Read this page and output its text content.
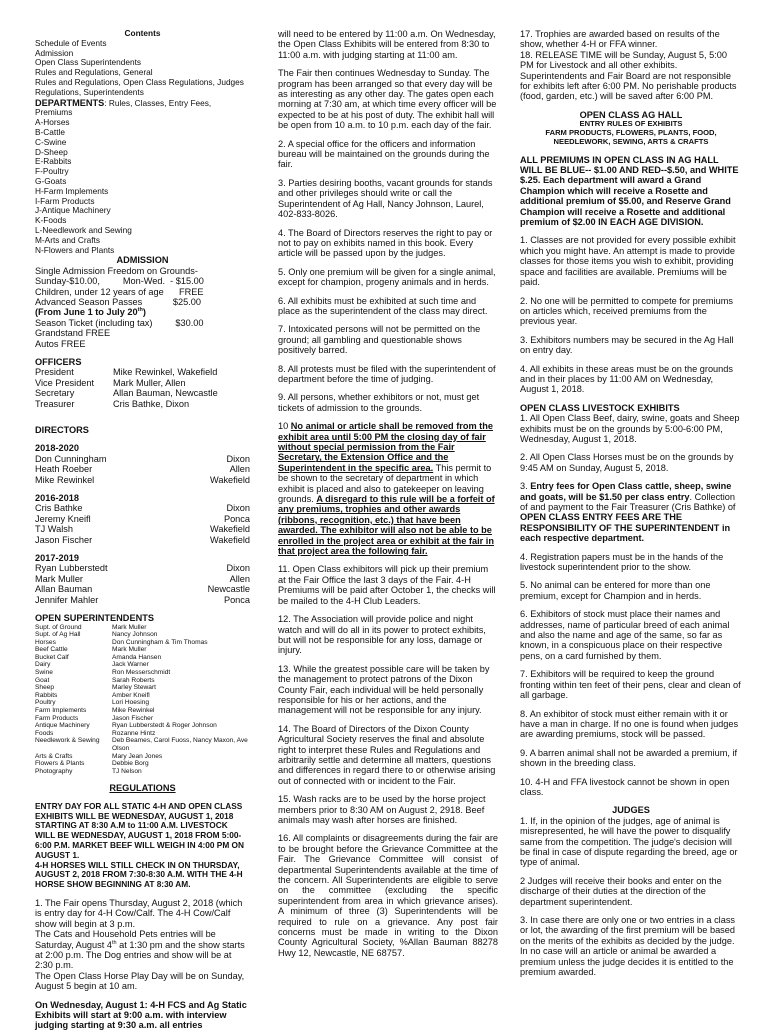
Contents
Schedule of Events
Admission
Open Class Superintendents
Rules and Regulations, General
Rules and Regulations, Open Class Regulations, Judges
Regulations, Superintendents
DEPARTMENTS: Rules, Classes, Entry Fees, Premiums
A-Horses
B-Cattle
C-Swine
D-Sheep
E-Rabbits
F-Poultry
G-Goats
H-Farm Implements
I-Farm Products
J-Antique Machinery
K-Foods
L-Needlework and Sewing
M-Arts and Crafts
N-Flowers and Plants
ADMISSION
Single Admission Freedom on Grounds-
Sunday-$10.00,         Mon-Wed.  - $15.00
Children, under 12 years of age      FREE
Advanced Season Passes            $25.00
(From June 1 to July 20th)
Season Ticket (including tax)         $30.00
Grandstand FREE
Autos FREE
OFFICERS
President	Mike Rewinkel, Wakefield
Vice President	Mark Muller, Allen
Secretary	Allan Bauman, Newcastle
Treasurer	Cris Bathke, Dixon
DIRECTORS
2018-2020
Don Cunningham	Dixon
Heath Roeber	Allen
Mike Rewinkel	Wakefield
2016-2018
Cris Bathke	Dixon
Jeremy Kneifl	Ponca
TJ Walsh	Wakefield
Jason Fischer	Wakefield
2017-2019
Ryan Lubberstedt	Dixon
Mark Muller	Allen
Allan Bauman	Newcastle
Jennifer Mahler	Ponca
OPEN SUPERINTENDENTS
Supt. of Ground	Mark Muller
Supt. of Ag Hall	Nancy Johnson
Horses	Don Cunningham & Tim Thomas
Beef Cattle	Mark Muller
Bucket Calf	Amanda Hansen
Dairy	Jack Warner
Swine	Ron Messerschmidt
Goat	Sarah Roberts
Sheep	Marley Stewart
Rabbits	Amber Kneifl
Poultry	Lori Hoesing
Farm Implements	Mike Rewinkel
Farm Products	Jason Fischer
Antique Machinery	Ryan Lubberstedt & Roger Johnson
Foods	Rozanne Hintz
Needlework & Sewing	Deb Beames, Carol Fuoss, Nancy Maxon, Ave Olson
Arts & Crafts	Mary Jean Jones
Flowers & Plants	Debbie Borg
Photography	TJ Nelson
REGULATIONS

ENTRY DAY FOR ALL STATIC 4-H AND OPEN CLASS EXHIBITS WILL BE WEDNESDAY, AUGUST 1, 2018 STARTING AT 8:30 A.M to 11:00 A.M. LIVESTOCK WILL BE WEDNESDAY, AUGUST 1, 2018 FROM 5:00-6:00 P.M. MARKET BEEF WILL WEIGH IN 4:00 PM ON AUGUST 1.

4-H HORSES WILL STILL CHECK IN ON THURSDAY, AUGUST 2, 2018 FROM 7:30-8:30 A.M. WITH THE 4-H HORSE SHOW BEGINNING AT 8:30 AM.

1. The Fair opens Thursday, August 2, 2018 (which is entry day for 4-H Cow/Calf. The 4-H Cow/Calf show will begin at 3 p.m.

The Cats and Household Pets entries will be Saturday, August 4th at 1:30 pm and the show starts at 2:00 p.m. The Dog entries and show will be at 2:30 p.m.

The Open Class Horse Play Day will be on Sunday, August 5 begin at 10 am.

On Wednesday, August 1: 4-H FCS and Ag Static Exhibits will start at 9:00 a.m. with interview judging starting at 9:30 a.m. all entries

will need to be entered by 11:00 a.m. On Wednesday, the Open Class Exhibits will be entered from 8:30 to 11:00 a.m. with judging starting at 11:00 am.

The Fair then continues Wednesday to Sunday. The program has been arranged so that every day will be as interesting as any other day. The gates open each morning at 7:30 am, at which time every officer will be expected to be at his post of duty. The exhibit hall will be open from 10 a.m. to 10 p.m. each day of the fair.

2. A special office for the officers and information bureau will be maintained on the grounds during the fair.

3. Parties desiring booths, vacant grounds for stands and other privileges should write or call the Superintendent of Ag Hall, Nancy Johnson, Laurel, 402-833-8026.

4. The Board of Directors reserves the right to pay or not to pay on exhibits named in this book. Every article will be passed upon by the judges.

5. Only one premium will be given for a single animal, except for champion, progeny animals and in herds.

6. All exhibits must be exhibited at such time and place as the superintendent of the class may direct.

7. Intoxicated persons will not be permitted on the ground; all gambling and questionable shows positively barred.

8. All protests must be filed with the superintendent of department before the time of judging.

9. All persons, whether exhibitors or not, must get tickets of admission to the grounds.

10 No animal or article shall be removed from the exhibit area until 5:00 PM the closing day of fair without special permission from the Fair Secretary, the Extension Office and the Superintendent in the specific area. This permit to be shown to the secretary of department in which exhibit is placed and also to gatekeeper on leaving grounds. A disregard to this rule will be a forfeit of any premiums, trophies and other awards (ribbons, recognition, etc.) that have been awarded. The exhibitor will also not be able to be enrolled in the project area or exhibit at the fair in that project area the following fair.

11. Open Class exhibitors will pick up their premium at the Fair Office the last 3 days of the Fair. 4-H Premiums will be paid after October 1, the checks will be mailed to the 4-H Club Leaders.

12. The Association will provide police and night watch and will do all in its power to protect exhibits, but will not be responsible for any loss, damage or injury.

13. While the greatest possible care will be taken by the management to protect patrons of the Dixon County Fair, each individual will be held personally responsible for his or her actions, and the management will not be responsible for any injury.

14. The Board of Directors of the Dixon County Agricultural Society reserves the final and absolute right to interpret these Rules and Regulations and arbitrarily settle and determine all matters, questions and differences in regard there to or otherwise arising out of connected with or incident to the Fair.

15. Wash racks are to be used by the horse project members prior to 8:30 AM on August 2, 2918. Beef animals may wash after horses are finished.

16. All complaints or disagreements during the fair are to be brought before the Grievance Committee at the Fair. The Grievance Committee will consist of departmental Superintendents available at the time of the concern. All Superintendents are eligible to serve on the committee (excluding the specific superintendent from area in which grievance arises). A minimum of three (3) Superintendents will be required to rule on a grievance. Any post fair concerns must be made in writing to the Dixon County Agricultural Society, %Allan Bauman 88278 Hwy 12, Newcastle, NE 68757.

17. Trophies are awarded based on results of the show, whether 4-H or FFA winner.

18. RELEASE TIME will be Sunday, August 5, 5:00 PM for Livestock and all other exhibits. Superintendents and Fair Board are not responsible for exhibits left after 6:00 PM. No perishable products (food, garden, etc.) will be saved after 6:00 PM.

OPEN CLASS AG HALL
ENTRY RULES OF EXHIBITS
FARM PRODUCTS, FLOWERS, PLANTS, FOOD,
NEEDLEWORK, SEWING, ARTS & CRAFTS

ALL PREMIUMS IN OPEN CLASS IN AG HALL WILL BE BLUE-- $1.00 AND RED--$.50, and WHITE $.25. Each department will award a Grand Champion which will receive a Rosette and additional premium of $5.00, and Reserve Grand Champion will receive a Rosette and additional premium of $2.00 IN EACH AGE DIVISION.

1. Classes are not provided for every possible exhibit which you might have. An attempt is made to provide classes for those items you wish to exhibit, providing space and facilities are available. Premiums will be paid.

2. No one will be permitted to compete for premiums on articles which, received premiums from the previous year.

3. Exhibitors numbers may be secured in the Ag Hall on entry day.

4. All exhibits in these areas must be on the grounds and in their places by 11:00 AM on Wednesday, August 1, 2018.

OPEN CLASS LIVESTOCK EXHIBITS

1. All Open Class Beef, dairy, swine, goats and Sheep exhibits must be on the grounds by 5:00-6:00 PM, Wednesday, August 1, 2018.

2. All Open Class Horses must be on the grounds by 9:45 AM on Sunday, August 5, 2018.

3. Entry fees for Open Class cattle, sheep, swine and goats, will be $1.50 per class entry. Collection of and payment to the Fair Treasurer (Cris Bathke) of OPEN CLASS ENTRY FEES ARE THE RESPONSIBILITY OF THE SUPERINTENDENT in each respective department.

4. Registration papers must be in the hands of the livestock superintendent prior to the show.

5. No animal can be entered for more than one premium, except for Champion and in herds.

6. Exhibitors of stock must place their names and addresses, name of particular breed of each animal and also the name and age of the same, so far as known, in a conspicuous place on their respective pens, on a card furnished by them.

7. Exhibitors will be required to keep the ground fronting within ten feet of their pens, clear and clean of all garbage.

8. An exhibitor of stock must either remain with it or have a man in charge. If no one is found when judges are awarding premiums, stock will be passed.

9. A barren animal shall not be awarded a premium, if shown in the breeding class.

10. 4-H and FFA livestock cannot be shown in open class.

JUDGES

1. If, in the opinion of the judges, age of animal is misrepresented, he will have the power to disqualify same from the competition. The judge's decision will be final in case of dispute regarding the breed, age or type of animal.

2 Judges will receive their books and enter on the discharge of their duties at the direction of the department superintendent.

3. In case there are only one or two entries in a class or lot, the awarding of the first premium will be based on the merits of the exhibits as decided by the judge. In no case will an article or animal be awarded a premium unless the judge decides it is entitled to the premium awarded.
